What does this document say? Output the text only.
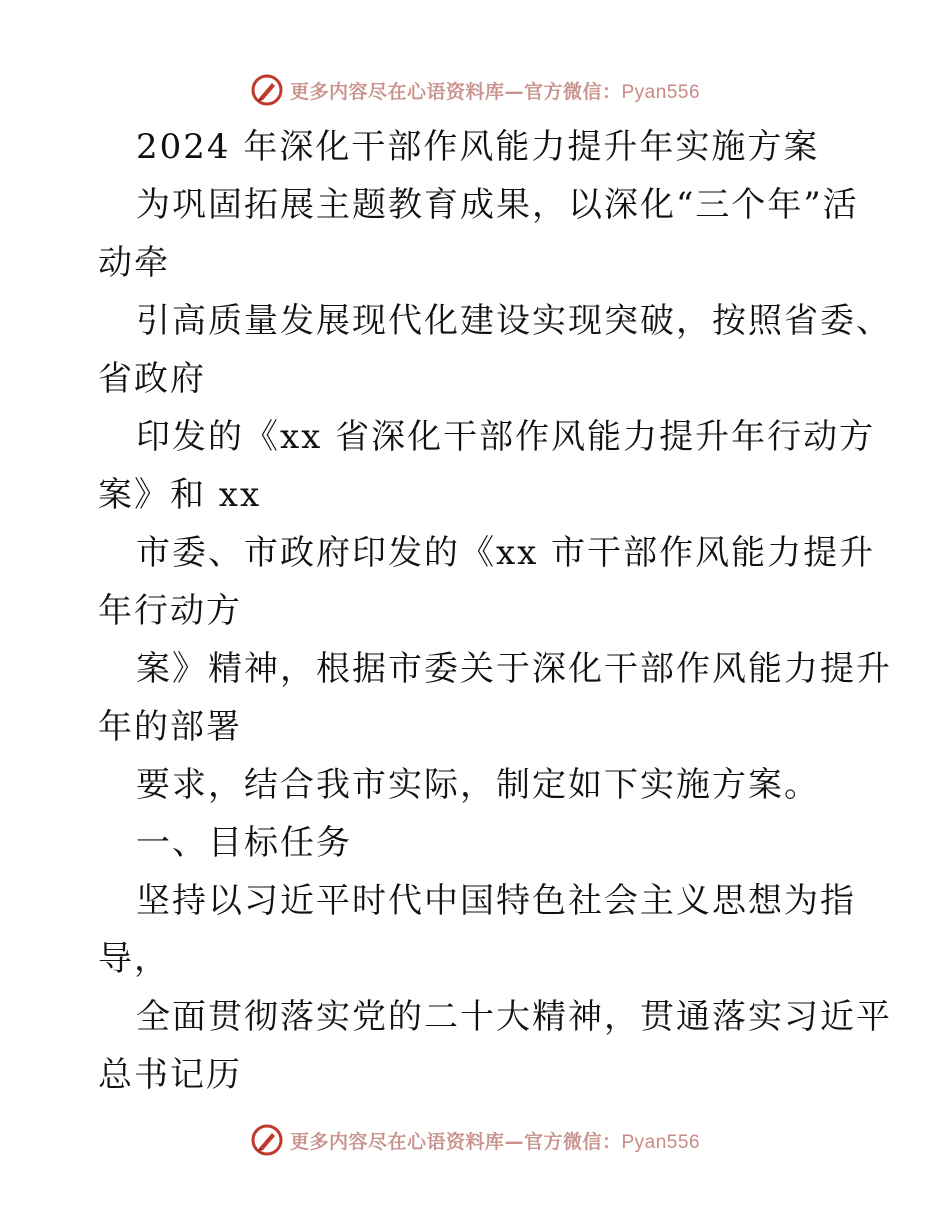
更多内容尽在心语资料库—官方微信：Pyan556
2024 年深化干部作风能力提升年实施方案
为巩固拓展主题教育成果，以深化“三个年”活
动牵
引高质量发展现代化建设实现突破，按照省委、
省政府
印发的《xx 省深化干部作风能力提升年行动方
案》和 xx
市委、市政府印发的《xx 市干部作风能力提升
年行动方
案》精神，根据市委关于深化干部作风能力提升
年的部署
要求，结合我市实际，制定如下实施方案。
一、目标任务
坚持以习近平时代中国特色社会主义思想为指
导，
全面贯彻落实党的二十大精神，贯通落实习近平
总书记历
更多内容尽在心语资料库—官方微信：Pyan556
